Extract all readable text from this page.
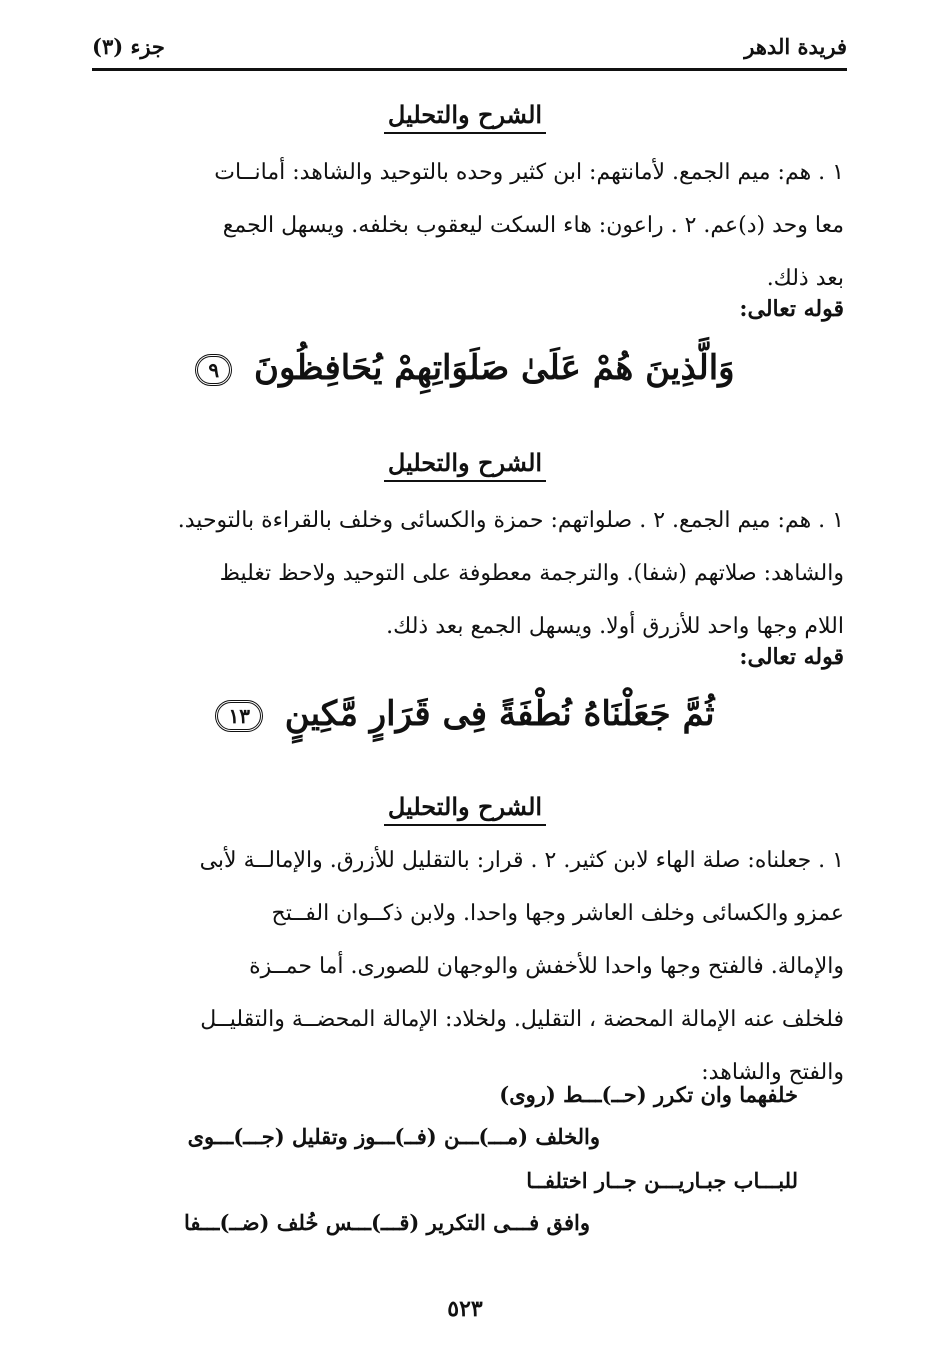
فريدة الدهر
جزء (٣)
الشرح والتحليل
١ . هم: ميم الجمع. لأمانتهم: ابن كثير وحده بالتوحيد والشاهد: أمانــات
معا وحد (د)عم. ٢ . راعون: هاء السكت ليعقوب بخلفه. ويسهل الجمع
بعد ذلك.
قوله تعالى:
وَالَّذِينَ هُمْ عَلَىٰ صَلَوَاتِهِمْ يُحَافِظُونَ ٩
الشرح والتحليل
١ . هم: ميم الجمع. ٢ . صلواتهم: حمزة والكسائى وخلف بالقراءة بالتوحيد.
والشاهد: صلاتهم (شفا). والترجمة معطوفة على التوحيد ولاحظ تغليظ
اللام وجها واحد للأزرق أولا. ويسهل الجمع بعد ذلك.
قوله تعالى:
ثُمَّ جَعَلْنَاهُ نُطْفَةً فِى قَرَارٍ مَّكِينٍ ١٣
الشرح والتحليل
١ . جعلناه: صلة الهاء لابن كثير. ٢ . قرار: بالتقليل للأزرق. والإمالــة لأبى
عمزو والكسائى وخلف العاشر وجها واحدا. ولابن ذكــوان الفــتح
والإمالة. فالفتح وجها واحدا للأخفش والوجهان للصورى. أما حمــزة
فلخلف عنه الإمالة المحضة ، التقليل. ولخلاد: الإمالة المحضــة والتقليــل
والفتح والشاهد:
خلفهما وان تكرر (حــ)ـــط (روى)
والخلف (مـــ)ـــن (فــ)ـــوز وتقليل (جـــ)ـــوى
للبـــاب جبـاريـــن جــار اختلفــا
وافق فـــى التكرير (قـــ)ـــس خُلف (ضــ)ـــفا
٥٢٣
